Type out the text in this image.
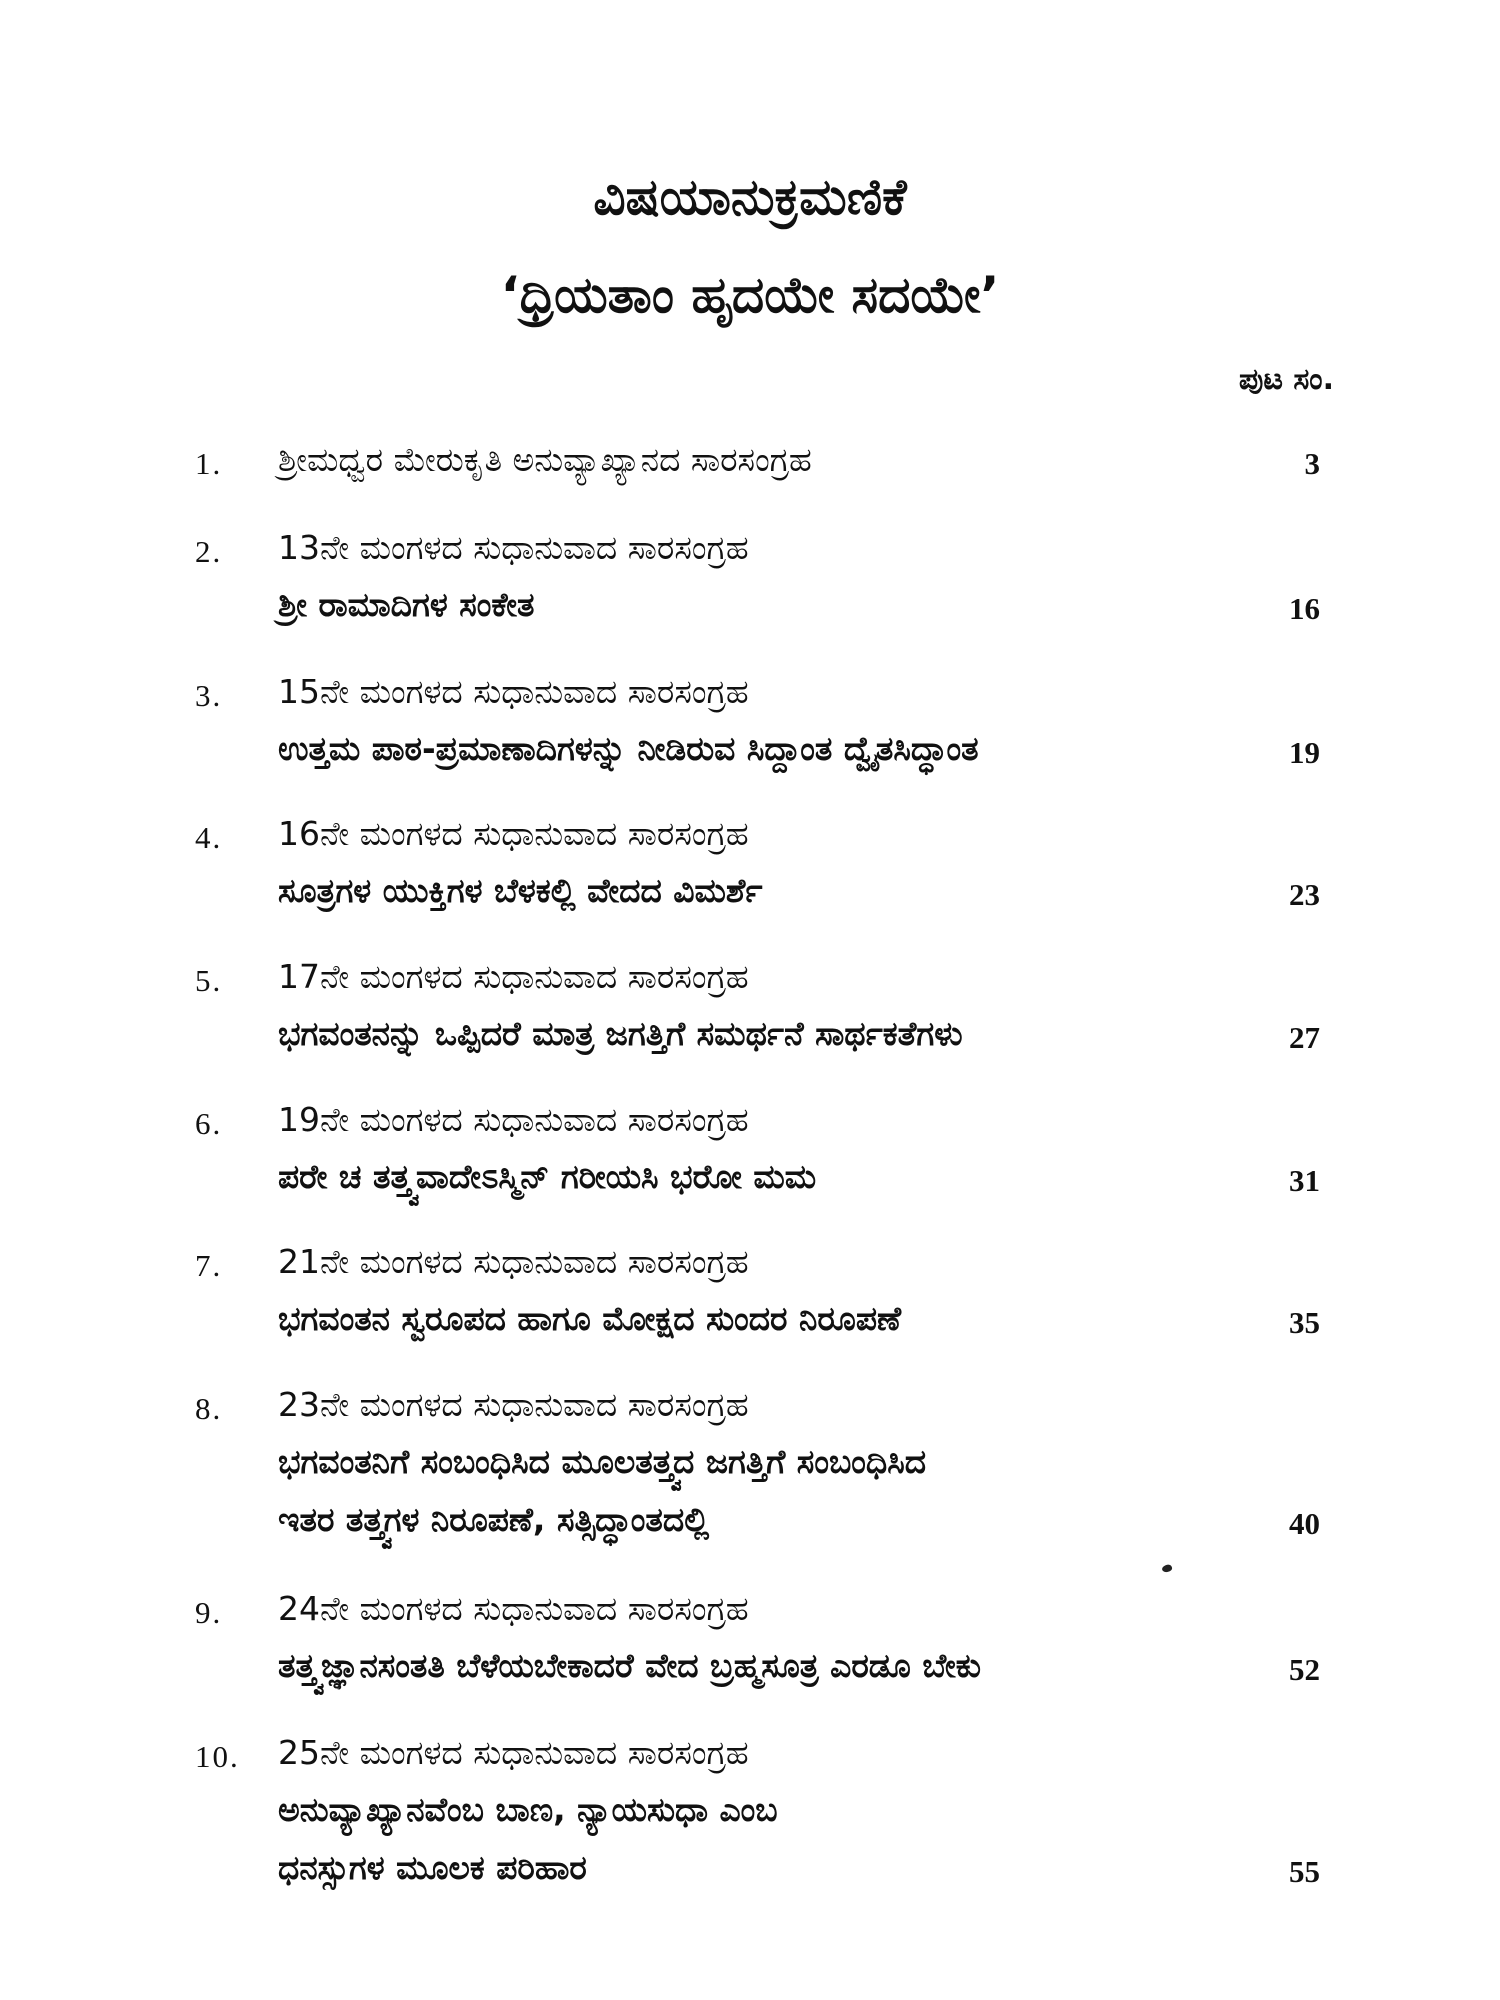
ವಿಷಯಾನುಕ್ರಮಣಿಕೆ
‘ಧ್ರಿಯತಾಂ ಹೃದಯೇ ಸದಯೇ’
ಪುಟ ಸಂ.
1. ಶ್ರೀಮಧ್ವರ ಮೇರುಕೃತಿ ಅನುವ್ಯಾಖ್ಯಾನದ ಸಾರಸಂಗ್ರಹ	3
2. 13ನೇ ಮಂಗಳದ ಸುಧಾನುವಾದ ಸಾರಸಂಗ್ರಹ
ಶ್ರೀ ರಾಮಾದಿಗಳ ಸಂಕೇತ	16
3. 15ನೇ ಮಂಗಳದ ಸುಧಾನುವಾದ ಸಾರಸಂಗ್ರಹ
ಉತ್ತಮ ಪಾಠ-ಪ್ರಮಾಣಾದಿಗಳನ್ನು ನೀಡಿರುವ ಸಿದ್ದಾಂತ ದ್ವೈತಸಿದ್ಧಾಂತ	19
4. 16ನೇ ಮಂಗಳದ ಸುಧಾನುವಾದ ಸಾರಸಂಗ್ರಹ
ಸೂತ್ರಗಳ ಯುಕ್ತಿಗಳ ಬೆಳಕಲ್ಲಿ ವೇದದ ವಿಮರ್ಶೆ	23
5. 17ನೇ ಮಂಗಳದ ಸುಧಾನುವಾದ ಸಾರಸಂಗ್ರಹ
ಭಗವಂತನನ್ನು ಒಪ್ಪಿದರೆ ಮಾತ್ರ ಜಗತ್ತಿಗೆ ಸಮರ್ಥನೆ ಸಾರ್ಥಕತೆಗಳು	27
6. 19ನೇ ಮಂಗಳದ ಸುಧಾನುವಾದ ಸಾರಸಂಗ್ರಹ
ಪರೇ ಚ ತತ್ತ್ವವಾದೇಽಸ್ಮಿನ್ ಗರೀಯಸಿ ಭರೋ ಮಮ	31
7. 21ನೇ ಮಂಗಳದ ಸುಧಾನುವಾದ ಸಾರಸಂಗ್ರಹ
ಭಗವಂತನ ಸ್ವರೂಪದ ಹಾಗೂ ಮೋಕ್ಷದ ಸುಂದರ ನಿರೂಪಣೆ	35
8. 23ನೇ ಮಂಗಳದ ಸುಧಾನುವಾದ ಸಾರಸಂಗ್ರಹ
ಭಗವಂತನಿಗೆ ಸಂಬಂಧಿಸಿದ ಮೂಲತತ್ತ್ವದ ಜಗತ್ತಿಗೆ ಸಂಬಂಧಿಸಿದ
ಇತರ ತತ್ತ್ವಗಳ ನಿರೂಪಣೆ, ಸತ್ಸಿದ್ಧಾಂತದಲ್ಲಿ	40
9. 24ನೇ ಮಂಗಳದ ಸುಧಾನುವಾದ ಸಾರಸಂಗ್ರಹ
ತತ್ತ್ವಜ್ಞಾನಸಂತತಿ ಬೆಳೆಯಬೇಕಾದರೆ ವೇದ ಬ್ರಹ್ಮಸೂತ್ರ ಎರಡೂ ಬೇಕು	52
10. 25ನೇ ಮಂಗಳದ ಸುಧಾನುವಾದ ಸಾರಸಂಗ್ರಹ
ಅನುವ್ಯಾಖ್ಯಾನವೆಂಬ ಬಾಣ, ನ್ಯಾಯಸುಧಾ ಎಂಬ
ಧನಸ್ಸುಗಳ ಮೂಲಕ ಪರಿಹಾರ	55
